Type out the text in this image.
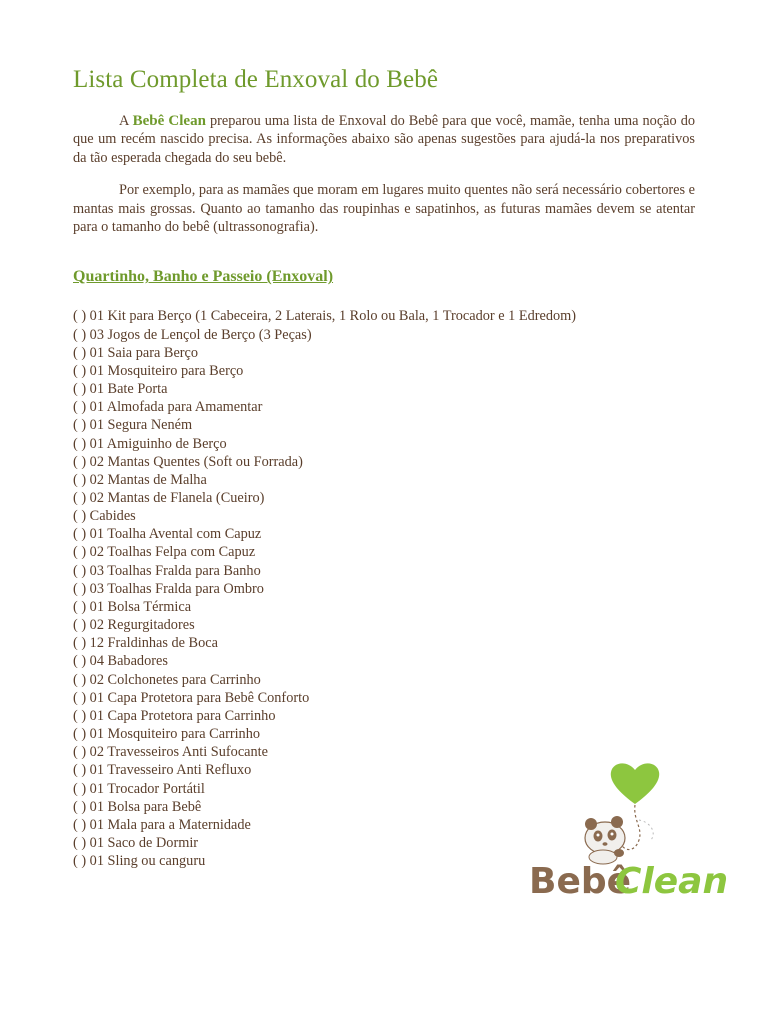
Lista Completa de Enxoval do Bebê

A Bebê Clean preparou uma lista de Enxoval do Bebê para que você, mamãe, tenha uma noção do que um recém nascido precisa. As informações abaixo são apenas sugestões para ajudá-la nos preparativos da tão esperada chegada do seu bebê.

Por exemplo, para as mamães que moram em lugares muito quentes não será necessário cobertores e mantas mais grossas. Quanto ao tamanho das roupinhas e sapatinhos, as futuras mamães devem se atentar para o tamanho do bebê (ultrassonografia).

Quartinho, Banho e Passeio (Enxoval)
( ) 01 Kit para Berço (1 Cabeceira, 2 Laterais, 1 Rolo ou Bala, 1 Trocador e 1 Edredom)
( ) 03 Jogos de Lençol de Berço (3 Peças)
( ) 01 Saia para Berço
( ) 01 Mosquiteiro para Berço
( ) 01 Bate Porta
( ) 01 Almofada para Amamentar
( ) 01 Segura Neném
( ) 01 Amiguinho de Berço
( ) 02 Mantas Quentes (Soft ou Forrada)
( ) 02 Mantas de Malha
( ) 02 Mantas de Flanela (Cueiro)
( ) Cabides
( ) 01 Toalha Avental com Capuz
( ) 02 Toalhas Felpa com Capuz
( ) 03 Toalhas Fralda para Banho
( ) 03 Toalhas Fralda para Ombro
( ) 01 Bolsa Térmica
( ) 02 Regurgitadores
( ) 12 Fraldinhas de Boca
( ) 04 Babadores
( ) 02 Colchonetes para Carrinho
( ) 01 Capa Protetora para Bebê Conforto
( ) 01 Capa Protetora para Carrinho
( ) 01 Mosquiteiro para Carrinho
( ) 02 Travesseiros Anti Sufocante
( ) 01 Travesseiro Anti Refluxo
( ) 01 Trocador Portátil
( ) 01 Bolsa para Bebê
( ) 01 Mala para a Maternidade
( ) 01 Saco de Dormir
( ) 01 Sling ou canguru	Bebê
Clean
